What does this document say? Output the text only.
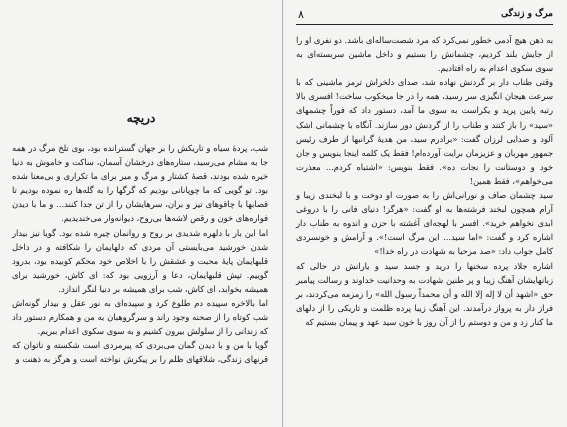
دریچه

شب، پردهٔ سیاه و تاریکش را بر جهان گسترانده بود، بوی تلخ مرگ در همه جا به مشام می‌رسید، ستاره‌های درخشان آسمان، ساکت و خاموش به دنیا خیره شده بودند، قصهٔ کشتار و مرگ و میر برای ما تکراری و بی‌معنا شده بود. تو گویی که ما چوپانانی بودیم که گرگها را به گله‌ها ره نموده بودیم تا قصابها با چاقوهای تیز و بران، سرهایشان را از تن جدا کنند... و ما با دیدن فواره‌های خون و رقص لاشه‌ها بی‌روح، دیوانه‌وار می‌خندیدیم.

اما این بار با دلهره شدیدی بر روح و روانمان چیره شده بود. گویا نیز بیدار شدن خورشید می‌بایستی آن مردی که دلهایمان را شکافته و در داخل قلبهایمان پایهٔ محبت و عشقش را با اخلاص خود محکم کوبیده بود، بدرود گوییم. تپش قلبهایمان، دعا و آرزویی بود که: ای کاش، خورشید برای همیشه بخوابد، ای کاش، شب برای همیشه بر دنیا لنگر اندازد.

اما بالاخره سپیده دم طلوع کرد و سپیده‌ای به نور عقل و بیدار گونه‌اش شب کوتاه را از صحنه وجود راند و سرگروهبان به من و همکارم دستور داد که زندانی را از سلولش بیرون کشیم و به سوی سکوی اعدام ببریم.

گویا با من و با دیدن گمان می‌بردی که پیرمردی است شکسته و ناتوان که قرنهای زندگی، شلاقهای ظلم را بر پیکرش نواخته است و هرگز به ذهنت و

۸	مرگ و زندگی

به ذهن هیچ آدمی خطور نمی‌کرد که مرد شصت‌ساله‌ای باشد. دو نفری او را از جایش بلند کردیم، چشمانش را بستیم و داخل ماشین سربسته‌ای به سوی سکوی اعدام به راه افتادیم.

وقتی طناب دار بر گردنش نهاده شد، صدای دلخراش ترمز ماشینی که با سرعت هیجان انگیزی سر رسید، همه را در جا میخکوب ساخت! افسری بالا رتبه پایین پرید و یکراست به سوی ما آمد، دستور داد که فوراً چشمهای «سید» را باز کنند و طناب را از گردنش دور سازند. آنگاه با چشمانی اشک آلود و صدایی لرزان گفت: «برادرم سید، من هدیهٔ گرانبها از طرف رئیس جمهور مهربان و عزیزمان برایت آورده‌ام! فقط یک کلمه اینجا بنویس و جان خود و دوستانت را نجات ده». فقط بنویس: «اشتباه کردم... معذرت می‌خواهم»، فقط همین!

سید چشمان صاف و نورانی‌اش را به صورت او دوخت و با لبخندی زیبا و آرام همچون لبخند فرشته‌ها به او گفت: «هرگز! دنیای فانی را با دروغی ابدی نخواهم خرید». افسر با لهجه‌ای آغشته با حزن و اندوه به طناب دار اشاره کرد و گفت: «اما سید... این مرگ است!». و آرامش و خونسردی کامل جواب داد: «صد مرحبا به شهادت در راه خدا!»

اشاره جلاد پرده سخنها را درید و جسد سید و یارانش در حالی که زبانهایشان آهنگ زیبا و پر طنین شهادت به وحدانیت خداوند و رسالت پیامبر حق «اشهد أن لا إله إلا الله و أن محمداً رسول الله» را زمزمه می‌کردند، بر فراز دار به پرواز درآمدند. این آهنگ زیبا پرده ظلمت و تاریکی را از دلهای ما کنار زد و من و دوستم را از آن روز با خون سید عهد و پیمان بستیم که
